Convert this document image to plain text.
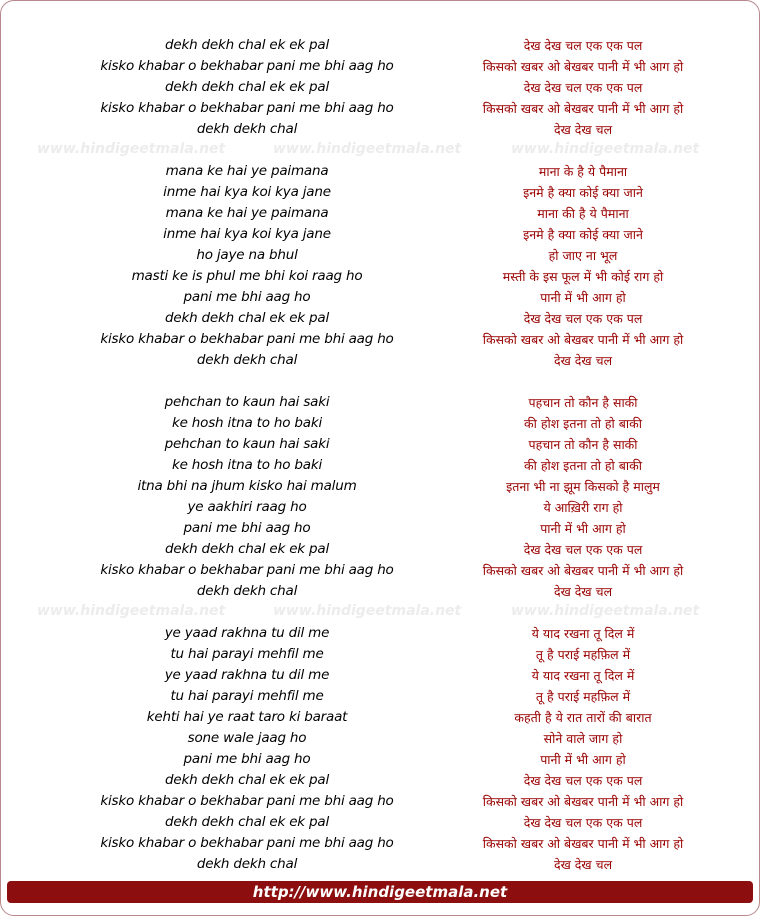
www.hindigeetmala.net	www.hindigeetmala.net	www.hindigeetmala.net
www.hindigeetmala.net	www.hindigeetmala.net	www.hindigeetmala.net
dekh dekh chal ek ek pal	देख देख चल एक एक पल
kisko khabar o bekhabar pani me bhi aag ho	किसको खबर ओ बेखबर पानी में भी आग हो
dekh dekh chal ek ek pal	देख देख चल एक एक पल
kisko khabar o bekhabar pani me bhi aag ho	किसको खबर ओ बेखबर पानी में भी आग हो
dekh dekh chal	देख देख चल
mana ke hai ye paimana	माना के है ये पैमाना
inme hai kya koi kya jane	इनमे है क्या कोई क्या जाने
mana ke hai ye paimana	माना की है ये पैमाना
inme hai kya koi kya jane	इनमे है क्या कोई क्या जाने
ho jaye na bhul	हो जाए ना भूल
masti ke is phul me bhi koi raag ho	मस्ती के इस फूल में भी कोई राग हो
pani me bhi aag ho	पानी में भी आग हो
dekh dekh chal ek ek pal	देख देख चल एक एक पल
kisko khabar o bekhabar pani me bhi aag ho	किसको खबर ओ बेखबर पानी में भी आग हो
dekh dekh chal	देख देख चल
pehchan to kaun hai saki	पहचान तो कौन है साकी
ke hosh itna to ho baki	की होश इतना तो हो बाकी
pehchan to kaun hai saki	पहचान तो कौन है साकी
ke hosh itna to ho baki	की होश इतना तो हो बाकी
itna bhi na jhum kisko hai malum	इतना भी ना झूम किसको है मालुम
ye aakhiri raag ho	ये आख़िरी राग हो
pani me bhi aag ho	पानी में भी आग हो
dekh dekh chal ek ek pal	देख देख चल एक एक पल
kisko khabar o bekhabar pani me bhi aag ho	किसको खबर ओ बेखबर पानी में भी आग हो
dekh dekh chal	देख देख चल
ye yaad rakhna tu dil me	ये याद रखना तू दिल में
tu hai parayi mehfil me	तू है पराई महफ़िल में
ye yaad rakhna tu dil me	ये याद रखना तू दिल में
tu hai parayi mehfil me	तू है पराई महफ़िल में
kehti hai ye raat taro ki baraat	कहती है ये रात तारों की बारात
sone wale jaag ho	सोने वाले जाग हो
pani me bhi aag ho	पानी में भी आग हो
dekh dekh chal ek ek pal	देख देख चल एक एक पल
kisko khabar o bekhabar pani me bhi aag ho	किसको खबर ओ बेखबर पानी में भी आग हो
dekh dekh chal ek ek pal	देख देख चल एक एक पल
kisko khabar o bekhabar pani me bhi aag ho	किसको खबर ओ बेखबर पानी में भी आग हो
dekh dekh chal	देख देख चल
http://www.hindigeetmala.net
